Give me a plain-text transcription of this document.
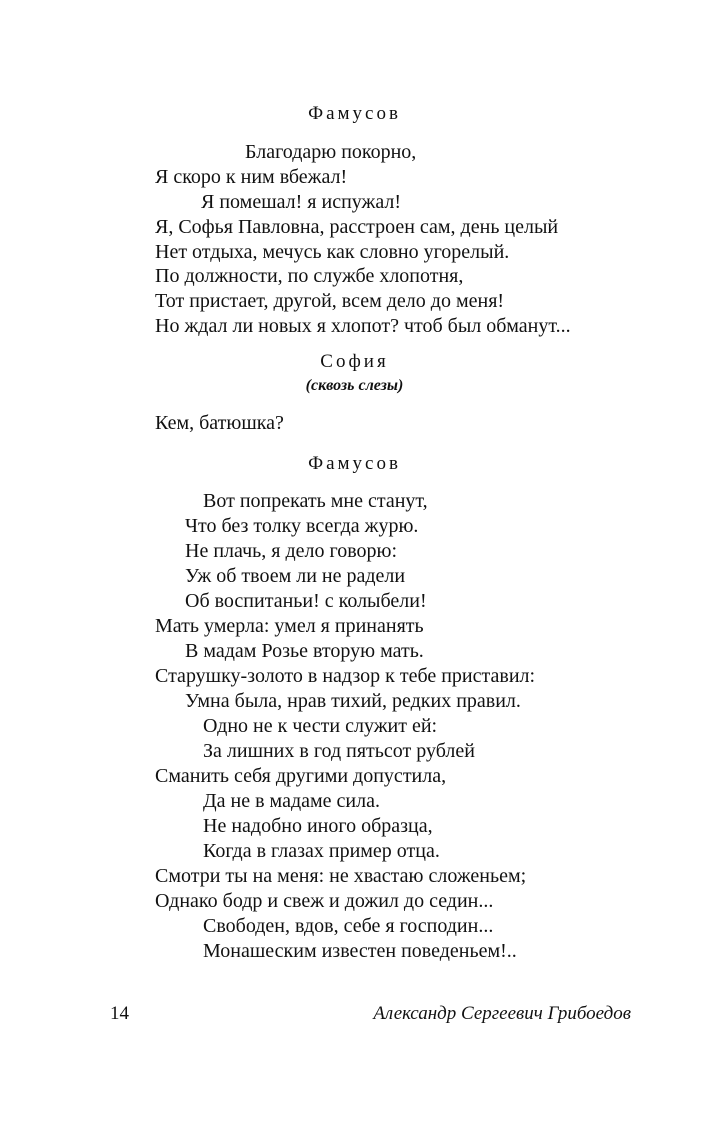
Фамусов
Благодарю покорно,
Я скоро к ним вбежал!
Я помешал! я испужал!
Я, Софья Павловна, расстроен сам, день целый
Нет отдыха, мечусь как словно угорелый.
По должности, по службе хлопотня,
Тот пристает, другой, всем дело до меня!
Но ждал ли новых я хлопот? чтоб был обманут...
София
(сквозь слезы)
Кем, батюшка?
Фамусов
Вот попрекать мне станут,
Что без толку всегда журю.
Не плачь, я дело говорю:
Уж об твоем ли не радели
Об воспитаньи! с колыбели!
Мать умерла: умел я принанять
В мадам Розье вторую мать.
Старушку-золото в надзор к тебе приставил:
Умна была, нрав тихий, редких правил.
Одно не к чести служит ей:
За лишних в год пятьсот рублей
Сманить себя другими допустила,
Да не в мадаме сила.
Не надобно иного образца,
Когда в глазах пример отца.
Смотри ты на меня: не хвастаю сложеньем;
Однако бодр и свеж и дожил до седин...
Свободен, вдов, себе я господин...
Монашеским известен поведеньем!..
14	Александр Сергеевич Грибоедов
